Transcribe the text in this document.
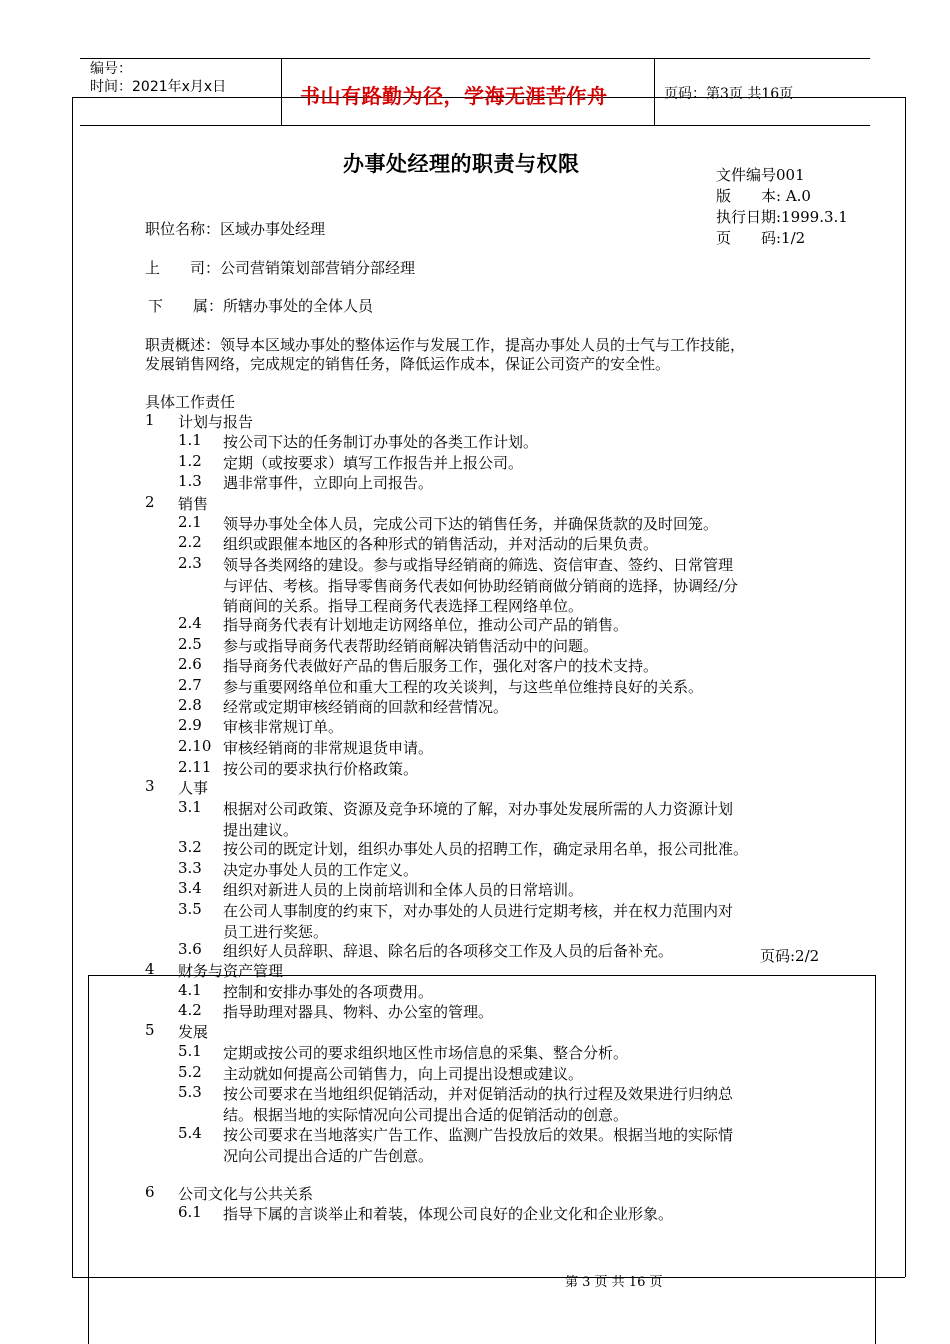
编号：
时间：2021年x月x日	书山有路勤为径，学海无涯苦作舟	页码：第3页 共16页
办事处经理的职责与权限	文件编号001
版　　本: A.0
执行日期:1999.3.1
页　　码:1/2
职位名称：区域办事处经理
上　　司：公司营销策划部营销分部经理
下　　属：所辖办事处的全体人员
职责概述：领导本区域办事处的整体运作与发展工作，提高办事处人员的士气与工作技能，
发展销售网络，完成规定的销售任务，降低运作成本，保证公司资产的安全性。
具体工作责任
页码:2/2
1 计划与报告
2 销售
3 人事
4 财务与资产管理
5 发展
6 公司文化与公共关系
1.1 按公司下达的任务制订办事处的各类工作计划。
1.2 定期（或按要求）填写工作报告并上报公司。
1.3 遇非常事件，立即向上司报告。
2.1 领导办事处全体人员，完成公司下达的销售任务，并确保货款的及时回笼。
2.2 组织或跟催本地区的各种形式的销售活动，并对活动的后果负责。
2.3 领导各类网络的建设。参与或指导经销商的筛选、资信审查、签约、日常管理
与评估、考核。指导零售商务代表如何协助经销商做分销商的选择，协调经/分
销商间的关系。指导工程商务代表选择工程网络单位。
2.4 指导商务代表有计划地走访网络单位，推动公司产品的销售。
2.5 参与或指导商务代表帮助经销商解决销售活动中的问题。
2.6 指导商务代表做好产品的售后服务工作，强化对客户的技术支持。
2.7 参与重要网络单位和重大工程的攻关谈判，与这些单位维持良好的关系。
2.8 经常或定期审核经销商的回款和经营情况。
2.9 审核非常规订单。
2.10 审核经销商的非常规退货申请。
2.11 按公司的要求执行价格政策。
3.1 根据对公司政策、资源及竞争环境的了解，对办事处发展所需的人力资源计划
提出建议。
3.2 按公司的既定计划，组织办事处人员的招聘工作，确定录用名单，报公司批准。
3.3 决定办事处人员的工作定义。
3.4 组织对新进人员的上岗前培训和全体人员的日常培训。
3.5 在公司人事制度的约束下，对办事处的人员进行定期考核，并在权力范围内对
员工进行奖惩。
3.6 组织好人员辞职、辞退、除名后的各项移交工作及人员的后备补充。
4.1 控制和安排办事处的各项费用。
4.2 指导助理对器具、物料、办公室的管理。
5.1 定期或按公司的要求组织地区性市场信息的采集、整合分析。
5.2 主动就如何提高公司销售力，向上司提出设想或建议。
5.3 按公司要求在当地组织促销活动，并对促销活动的执行过程及效果进行归纳总
结。根据当地的实际情况向公司提出合适的促销活动的创意。
5.4 按公司要求在当地落实广告工作、监测广告投放后的效果。根据当地的实际情
况向公司提出合适的广告创意。
6.1 指导下属的言谈举止和着装，体现公司良好的企业文化和企业形象。
第 3 页 共 16 页
